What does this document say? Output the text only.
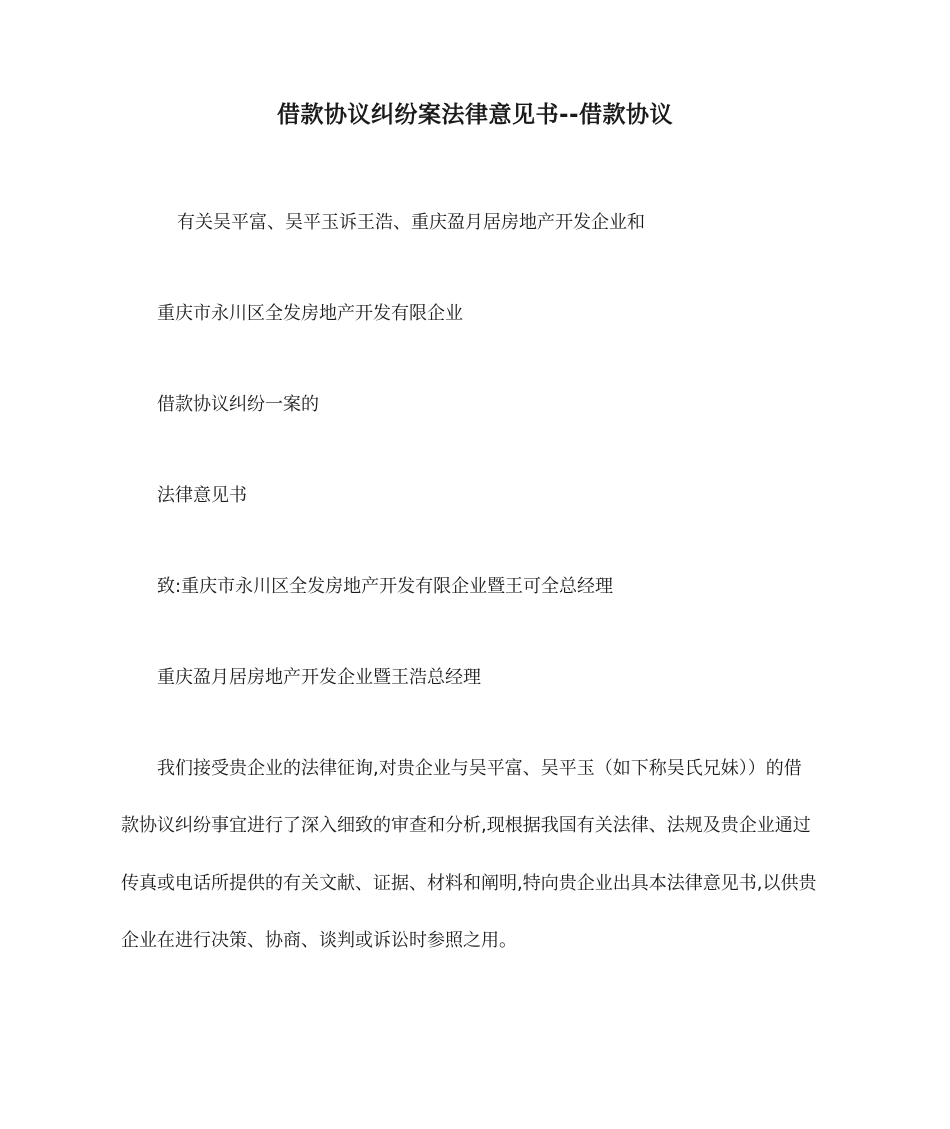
借款协议纠纷案法律意见书--借款协议

有关吴平富、吴平玉诉王浩、重庆盈月居房地产开发企业和

重庆市永川区全发房地产开发有限企业

借款协议纠纷一案的

法律意见书

致:重庆市永川区全发房地产开发有限企业暨王可全总经理

重庆盈月居房地产开发企业暨王浩总经理

我们接受贵企业的法律征询,对贵企业与吴平富、吴平玉（如下称吴氏兄妹））的借

款协议纠纷事宜进行了深入细致的审查和分析,现根据我国有关法律、法规及贵企业通过

传真或电话所提供的有关文献、证据、材料和阐明,特向贵企业出具本法律意见书,以供贵

企业在进行决策、协商、谈判或诉讼时参照之用。
